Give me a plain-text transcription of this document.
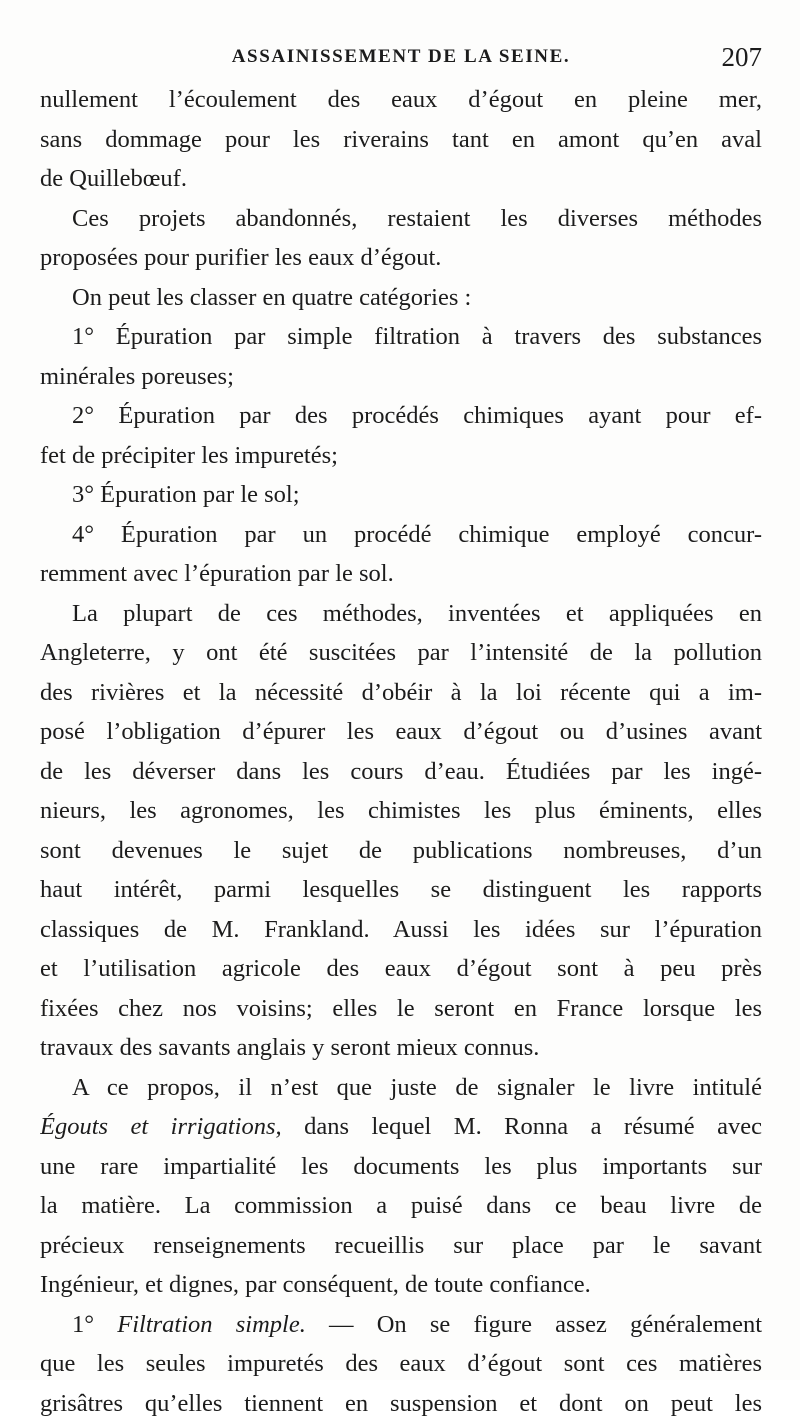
ASSAINISSEMENT DE LA SEINE.	207
nullement l’écoulement des eaux d’égout en pleine mer,
sans dommage pour les riverains tant en amont qu’en aval
de Quillebœuf.
Ces projets abandonnés, restaient les diverses méthodes
proposées pour purifier les eaux d’égout.
On peut les classer en quatre catégories :
1° Épuration par simple filtration à travers des substances
minérales poreuses;
2° Épuration par des procédés chimiques ayant pour ef-
fet de précipiter les impuretés;
3° Épuration par le sol;
4° Épuration par un procédé chimique employé concur-
remment avec l’épuration par le sol.
La plupart de ces méthodes, inventées et appliquées en
Angleterre, y ont été suscitées par l’intensité de la pollution
des rivières et la nécessité d’obéir à la loi récente qui a im-
posé l’obligation d’épurer les eaux d’égout ou d’usines avant
de les déverser dans les cours d’eau. Étudiées par les ingé-
nieurs, les agronomes, les chimistes les plus éminents, elles
sont devenues le sujet de publications nombreuses, d’un
haut intérêt, parmi lesquelles se distinguent les rapports
classiques de M. Frankland. Aussi les idées sur l’épuration
et l’utilisation agricole des eaux d’égout sont à peu près
fixées chez nos voisins; elles le seront en France lorsque les
travaux des savants anglais y seront mieux connus.
A ce propos, il n’est que juste de signaler le livre intitulé
Égouts et irrigations, dans lequel M. Ronna a résumé avec
une rare impartialité les documents les plus importants sur
la matière. La commission a puisé dans ce beau livre de
précieux renseignements recueillis sur place par le savant
Ingénieur, et dignes, par conséquent, de toute confiance.
1° Filtration simple. — On se figure assez généralement
que les seules impuretés des eaux d’égout sont ces matières
grisâtres qu’elles tiennent en suspension et dont on peut les
